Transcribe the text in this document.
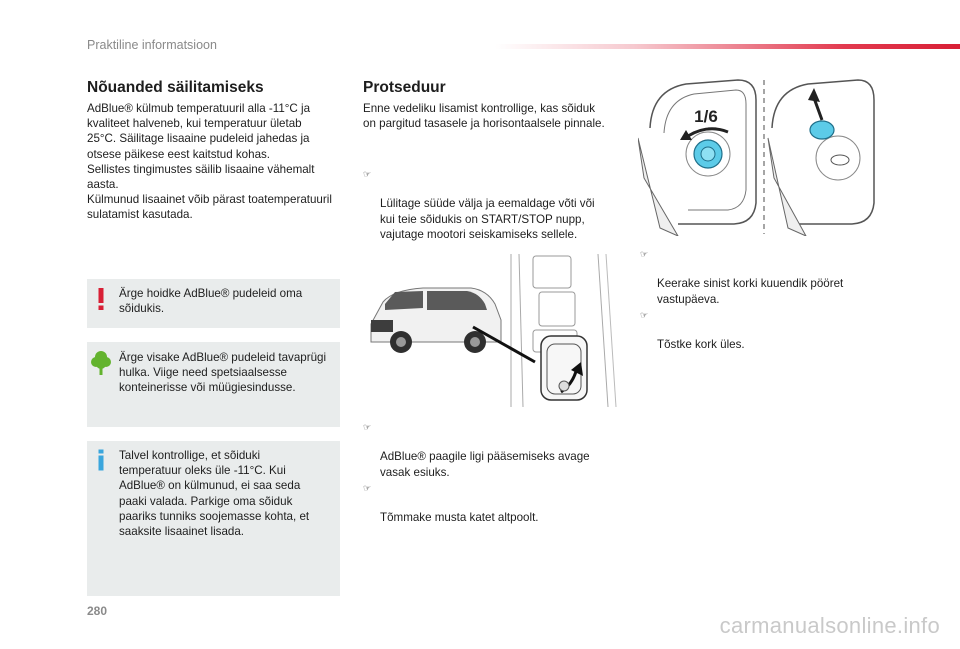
Praktiline informatsioon
Nõuanded säilitamiseks

AdBlue® külmub temperatuuril alla -11°C ja
kvaliteet halveneb, kui temperatuur ületab
25°C. Säilitage lisaaine pudeleid jahedas ja
otsese päikese eest kaitstud kohas.

Sellistes tingimustes säilib lisaaine vähemalt
aasta.

Külmunud lisaainet võib pärast toatemperatuuril
sulatamist kasutada.

Ärge hoidke AdBlue® pudeleid oma
sõidukis.
Ärge visake AdBlue® pudeleid tavaprügi
hulka. Viige need spetsiaalsesse
konteinerisse või müügiesindusse.
Talvel kontrollige, et sõiduki
temperatuur oleks üle -11°C. Kui
AdBlue® on külmunud, ei saa seda
paaki valada. Parkige oma sõiduk
paariks tunniks soojemasse kohta, et
saaksite lisaainet lisada.
Protseduur

Enne vedeliku lisamist kontrollige, kas sõiduk
on pargitud tasasele ja horisontaalsele pinnale.

☞

Lülitage süüde välja ja eemaldage võti või
kui teie sõidukis on START/STOP nupp,
vajutage mootori seiskamiseks sellele.

☞

AdBlue® paagile ligi pääsemiseks avage
vasak esiuks.

☞

Tõmmake musta katet altpoolt.

1/6

☞

Keerake sinist korki kuuendik pööret
vastupäeva.

☞

Tõstke kork üles.

280
carmanualsonline.info
